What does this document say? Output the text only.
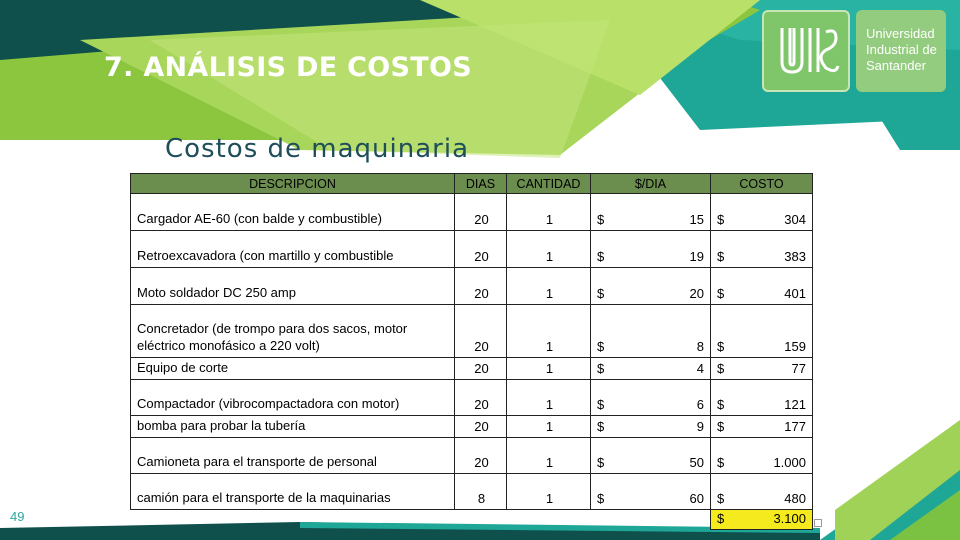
7. ANÁLISIS DE COSTOS
Costos de maquinaria
Universidad
Industrial de
Santander
DESCRIPCION	DIAS	CANTIDAD	$/DIA	COSTO
Cargador AE-60 (con balde y combustible)	20	1	$ 15	$ 304

Retroexcavadora (con martillo y combustible	20	1	$ 19	$ 383

Moto soldador DC 250 amp	20	1	$ 20	$ 401

Concretador (de trompo para dos sacos, motor eléctrico monofásico a 220 volt)	20	1	$ 8	$ 159

Equipo de corte	20	1	$ 4	$ 77

Compactador (vibrocompactadora con motor)	20	1	$ 6	$ 121

bomba para probar la tubería	20	1	$ 9	$ 177

Camioneta para el transporte de personal	20	1	$ 50	$ 1.000

camión para el transporte de la maquinarias	8	1	$ 60	$ 480

				$ 3.100
49
